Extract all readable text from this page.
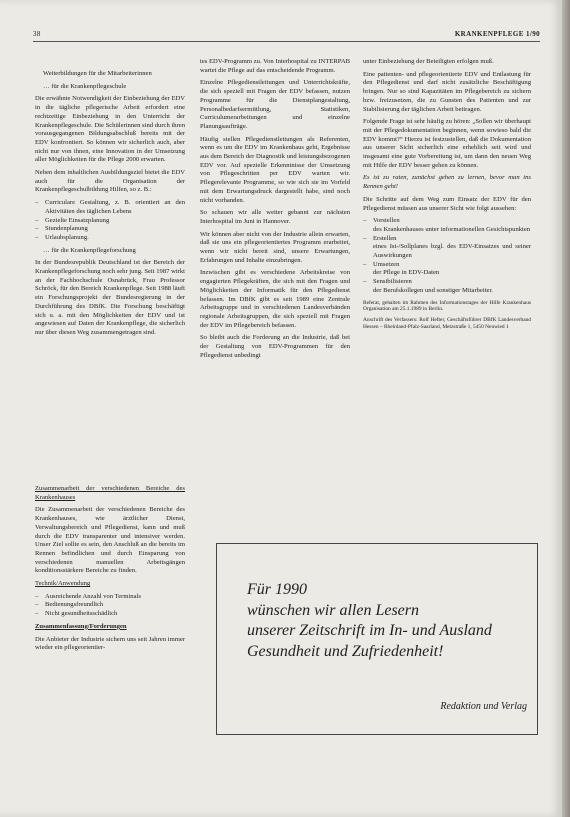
38	KRANKENPFLEGE 1/90

Weiterbildungen für die Mitarbeiterinnen

… für die Krankenpflegeschule

Die erwähnte Notwendigkeit der Einbeziehung der EDV in die tägliche pflegerische Arbeit erfordert eine rechtzeitige Einbeziehung in den Unterricht der Krankenpflegeschule. Die Schülerinnen sind durch ihren vorausgegangenen Bildungsabschluß bereits mit der EDV konfrontiert. So können wir sicherlich auch, aber nicht nur von ihnen, eine Innovation in der Umsetzung aller Möglichkeiten für die Pflege 2000 erwarten.

Neben dem inhaltlichen Ausbildungsziel bietet die EDV auch für die Organisation der Krankenpflegeschulbildung Hilfen, so z. B.:

– Curriculare Gestaltung, z. B. orientiert an den Aktivitäten des täglichen Lebens
– Gezielte Einsatzplanung
– Stundenplanung
– Urlaubsplanung.

… für die Krankenpflegeforschung

In der Bundesrepublik Deutschland ist der Bereich der Krankenpflegeforschung noch sehr jung. Seit 1987 wirkt an der Fachhochschule Osnabrück, Frau Professor Schröck, für den Bereich Krankenpflege. Seit 1988 läuft ein Forschungsprojekt der Bundesregierung in der Durchführung des DBfK. Die Forschung beschäftigt sich u. a. mit den Möglichkeiten der EDV und ist angewiesen auf Daten der Krankenpflege, die sicherlich nur über diesen Weg zusammengetragen sind.

Zusammenarbeit der verschiedenen Bereiche des Krankenhauses

Die Zusammenarbeit der verschiedenen Bereiche des Krankenhauses, wie ärztlicher Dienst, Verwaltungsbereich und Pflegedienst, kann und muß durch die EDV transparenter und intensiver werden. Unser Ziel sollte es sein, den Anschluß an die bereits im Rennen befindlichen und durch Einsparung von verschiedenen manuellen Arbeitsgängen konditionsstärkere Bereiche zu finden.

Technik/Anwendung

– Ausreichende Anzahl von Terminals
– Bedienungsfreundlich
– Nicht gesundheitsschädlich

Zusammenfassung/Forderungen

Die Anbieter der Industrie sichern uns seit Jahren immer wieder ein pflegeorientier-

tes EDV-Programm zu. Von Interhospital zu INTERPAB wartet die Pflege auf das entscheidende Programm.

Einzelne Pflegedienstleitungen und Unterrichtskräfte, die sich speziell mit Fragen der EDV befassen, nutzen Programme für die Dienstplangestaltung, Personalbedarfsermittlung, Statistiken, Curriculumerarbeitungen und einzelne Planungsaufträge.

Häufig stellen Pflegedienstleitungen als Referenten, wenn es um die EDV im Krankenhaus geht, Ergebnisse aus dem Bereich der Diagnostik und leistungsbezogenen EDV vor. Auf spezielle Erkenntnisse der Umsetzung von Pflegeschritten per EDV warten wir. Pflegerelevante Programme, so wie sich sie im Vorfeld mit dem Erwartungsdruck dargestellt habe, sind noch nicht vorhanden.

So schauen wir alle weiter gebannt zur nächsten Interhospital im Juni in Hannover.

Wir können aber nicht von der Industrie allein erwarten, daß sie uns ein pflegeorientiertes Programm erarbeitet, wenn wir nicht bereit sind, unsere Erwartungen, Erfahrungen und Inhalte einzubringen.

Inzwischen gibt es verschiedene Arbeitskreise von engagierten Pflegekräften, die sich mit den Fragen und Möglichkeiten der Informatik für den Pflegedienst befassen. Im DBfK gibt es seit 1989 eine Zentrale Arbeitsgruppe und in verschiedenen Landesverbänden regionale Arbeitsgruppen, die sich speziell mit Fragen der EDV im Pflegebereich befassen.

So bleibt auch die Forderung an die Industrie, daß bei der Gestaltung von EDV-Programmen für den Pflegedienst unbedingt

unter Einbeziehung der Beteiligten erfolgen muß.

Eine patienten- und pflegeorientierte EDV und Entlastung für den Pflegedienst und darf nicht zusätzliche Beschäftigung bringen. Nur so sind Kapazitäten im Pflegebereich zu sichern bzw. freizusetzen, die zu Gunsten des Patienten und zur Stabilisierung der täglichen Arbeit beitragen.

Folgende Frage ist sehr häufig zu hören: „Sollen wir überhaupt mit der Pflegedokumentation beginnen, wenn sowieso bald die EDV kommt?“ Hierzu ist festzustellen, daß die Dokumentation aus unserer Sicht sicherlich eine erheblich seit wird und insgesamt eine gute Vorbereitung ist, um dann den neuen Weg mit Hilfe der EDV besser gehen zu können.

Es ist zu raten, zunächst gehen zu lernen, bevor man ins Rennen geht!

Die Schritte auf dem Weg zum Einsatz der EDV für den Pflegedienst müssen aus unserer Sicht wie folgt aussehen:

– Vorstellen
des Krankenhauses unter informationellen Gesichtspunkten
– Erstellen
eines Ist-/Sollplanes bzgl. des EDV-Einsatzes und seiner Auswirkungen
– Umsetzen
der Pflege in EDV-Daten
– Sensibilisieren
der Berufskollegen und sonstiger Mitarbeiter.

Referat, gehalten im Rahmen des Informationstages der Hilfe Krankenhaus Organisation am 25.1.1989 in Berlin.

Anschrift des Verfassers: Rolf Hefter, Geschäftsführer DBfK Landesverband Hessen – Rheinland-Pfalz-Saarland, Metzstraße 1, 5450 Neuwied 1

Für 1990
wünschen wir allen Lesern
unserer Zeitschrift im In- und Ausland
Gesundheit und Zufriedenheit!
Redaktion und Verlag
